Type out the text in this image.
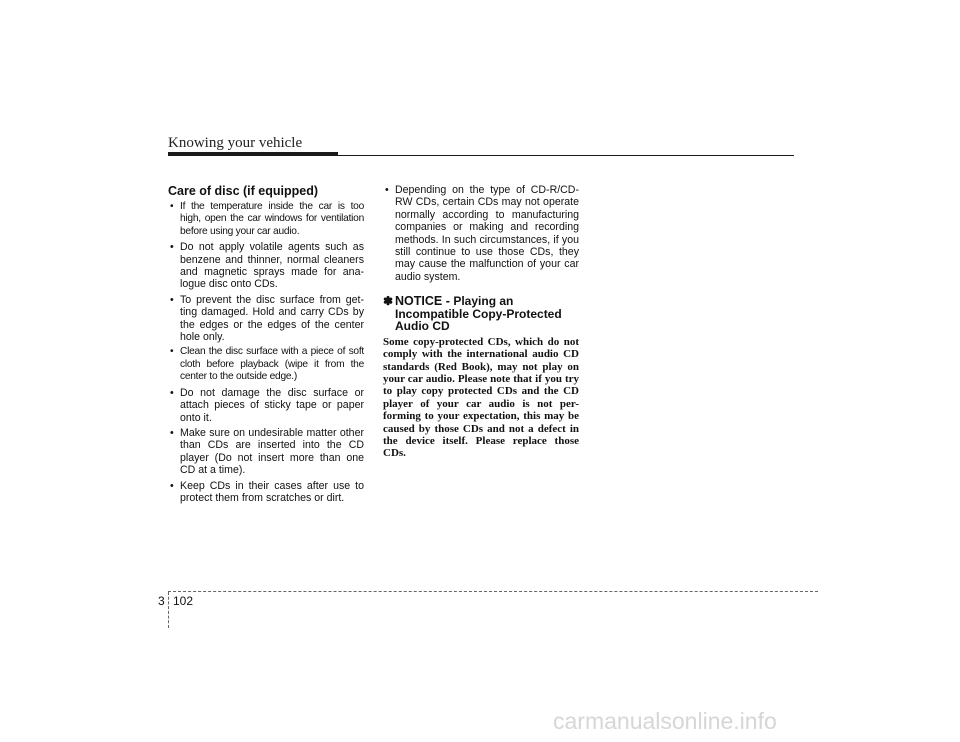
Knowing your vehicle
Care of disc (if equipped)
• If the temperature inside the car is too high, open the car windows for ventilation before using your car audio.
• Do not apply volatile agents such as benzene and thinner, normal cleaners and magnetic sprays made for ana-logue disc onto CDs.
• To prevent the disc surface from get-ting damaged. Hold and carry CDs by the edges or the edges of the center hole only.
• Clean the disc surface with a piece of soft cloth before playback (wipe it from the center to the outside edge.)
• Do not damage the disc surface or attach pieces of sticky tape or paper onto it.
• Make sure on undesirable matter other than CDs are inserted into the CD player (Do not insert more than one CD at a time).
• Keep CDs in their cases after use to protect them from scratches or dirt.
• Depending on the type of CD-R/CD-RW CDs, certain CDs may not operate normally according to manufacturing companies or making and recording methods. In such circumstances, if you still continue to use those CDs, they may cause the malfunction of your car audio system.
✽ NOTICE - Playing an Incompatible Copy-Protected Audio CD
Some copy-protected CDs, which do not comply with the international audio CD standards (Red Book), may not play on your car audio. Please note that if you try to play copy protected CDs and the CD player of your car audio is not per-forming to your expectation, this may be caused by those CDs and not a defect in the device itself. Please replace those CDs.
3 102
carmanualsonline.info
